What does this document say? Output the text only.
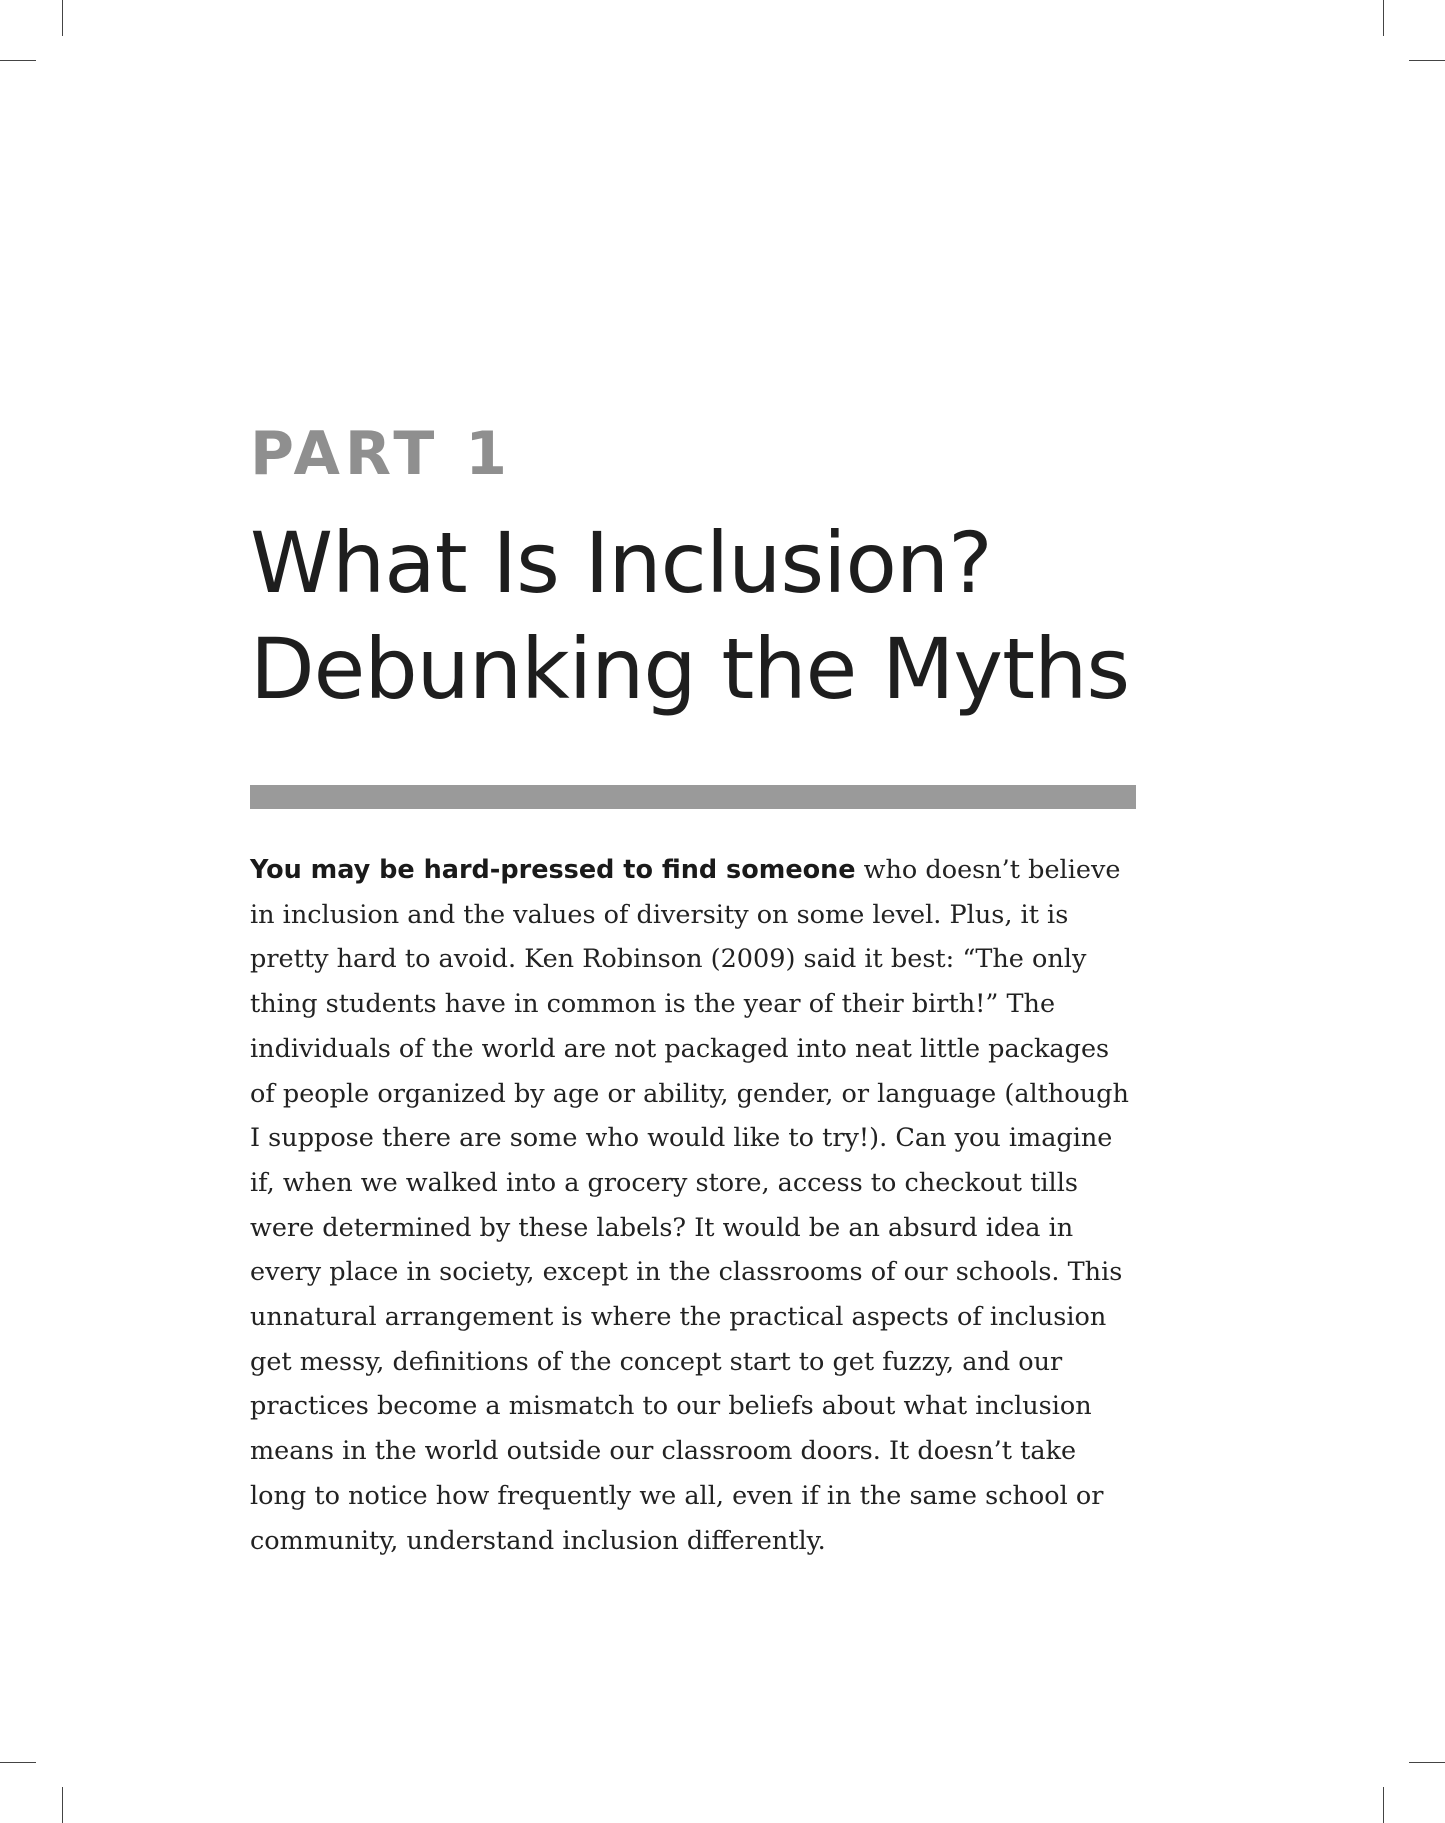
PART 1
What Is Inclusion?
Debunking the Myths
You may be hard-pressed to find someone who doesn’t believe
in inclusion and the values of diversity on some level. Plus, it is
pretty hard to avoid. Ken Robinson (2009) said it best: “The only
thing students have in common is the year of their birth!” The
individuals of the world are not packaged into neat little packages
of people organized by age or ability, gender, or language (although
I suppose there are some who would like to try!). Can you imagine
if, when we walked into a grocery store, access to checkout tills
were determined by these labels? It would be an absurd idea in
every place in society, except in the classrooms of our schools. This
unnatural arrangement is where the practical aspects of inclusion
get messy, definitions of the concept start to get fuzzy, and our
practices become a mismatch to our beliefs about what inclusion
means in the world outside our classroom doors. It doesn’t take
long to notice how frequently we all, even if in the same school or
community, understand inclusion differently.
